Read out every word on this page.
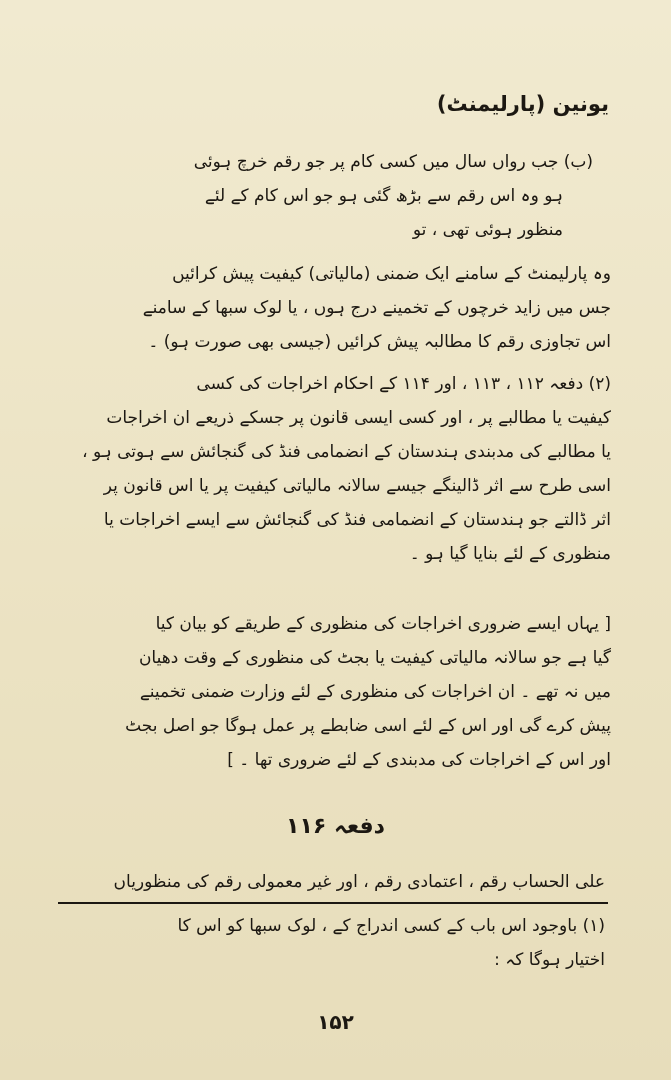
یونین (پارلیمنٹ)
(ب) جب رواں سال میں کسی کام پر جو رقم خرچ ہوئی
ہو وہ اس رقم سے بڑھ گئی ہو جو اس کام کے لئے
منظور ہوئی تھی ، تو
وہ پارلیمنٹ کے سامنے ایک ضمنی (مالیاتی) کیفیت پیش کرائیں
جس میں زاید خرچوں کے تخمینے درج ہوں ، یا لوک سبھا کے سامنے
اس تجاوزی رقم کا مطالبہ پیش کرائیں (جیسی بھی صورت ہو) ۔
(۲) دفعہ ۱۱۲ ، ۱۱۳ ، اور ۱۱۴ کے احکام اخراجات کی کسی
کیفیت یا مطالبے پر ، اور کسی ایسی قانون پر جسکے ذریعے ان اخراجات
یا مطالبے کی مدبندی ہندستان کے انضمامی فنڈ کی گنجائش سے ہوتی ہو ،
اسی طرح سے اثر ڈالینگے جیسے سالانہ مالیاتی کیفیت پر یا اس قانون پر
اثر ڈالتے جو ہندستان کے انضمامی فنڈ کی گنجائش سے ایسے اخراجات یا
منظوری کے لئے بنایا گیا ہو ۔
[ یہاں ایسے ضروری اخراجات کی منظوری کے طریقے کو بیان کیا
گیا ہے جو سالانہ مالیاتی کیفیت یا بجٹ کی منظوری کے وقت دھیان
میں نہ تھے ۔ ان اخراجات کی منظوری کے لئے وزارت ضمنی تخمینے
پیش کرے گی اور اس کے لئے اسی ضابطے پر عمل ہوگا جو اصل بجٹ
اور اس کے اخراجات کی مدبندی کے لئے ضروری تھا ۔ ]
دفعہ ۱۱۶
علی الحساب رقم ، اعتمادی رقم ، اور غیر معمولی رقم کی منظوریاں
(۱) باوجود اس باب کے کسی اندراج کے ، لوک سبھا کو اس کا
اختیار ہوگا کہ :
۱۵۲
